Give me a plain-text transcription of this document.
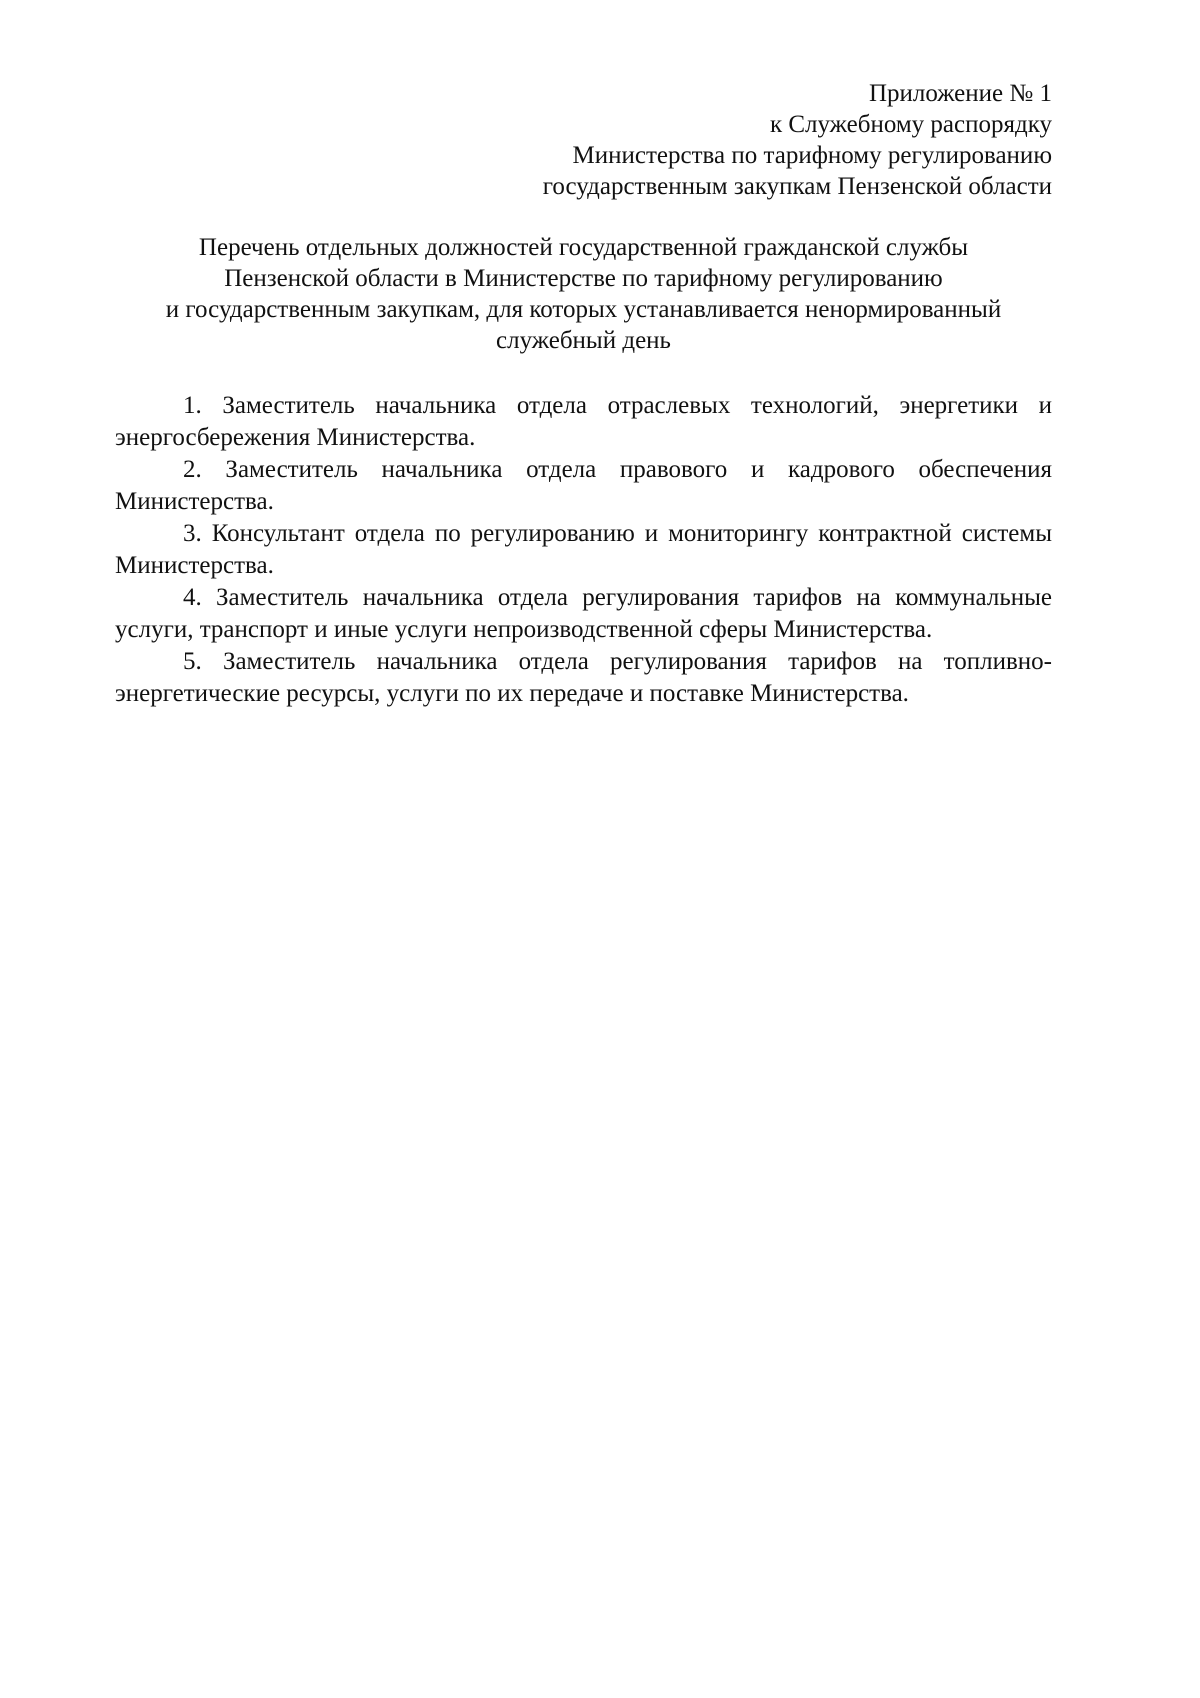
Приложение № 1
к Служебному распорядку
Министерства по тарифному регулированию
государственным закупкам Пензенской области
Перечень отдельных должностей государственной гражданской службы
Пензенской области в Министерстве по тарифному регулированию
и государственным закупкам, для которых устанавливается ненормированный
служебный день

1. Заместитель начальника отдела отраслевых технологий, энергетики и энергосбережения Министерства.

2. Заместитель начальника отдела правового и кадрового обеспечения Министерства.

3. Консультант отдела по регулированию и мониторингу контрактной системы Министерства.

4. Заместитель начальника отдела регулирования тарифов на коммунальные услуги, транспорт и иные услуги непроизводственной сферы Министерства.

5. Заместитель начальника отдела регулирования тарифов на топливно-энергетические ресурсы, услуги по их передаче и поставке Министерства.
